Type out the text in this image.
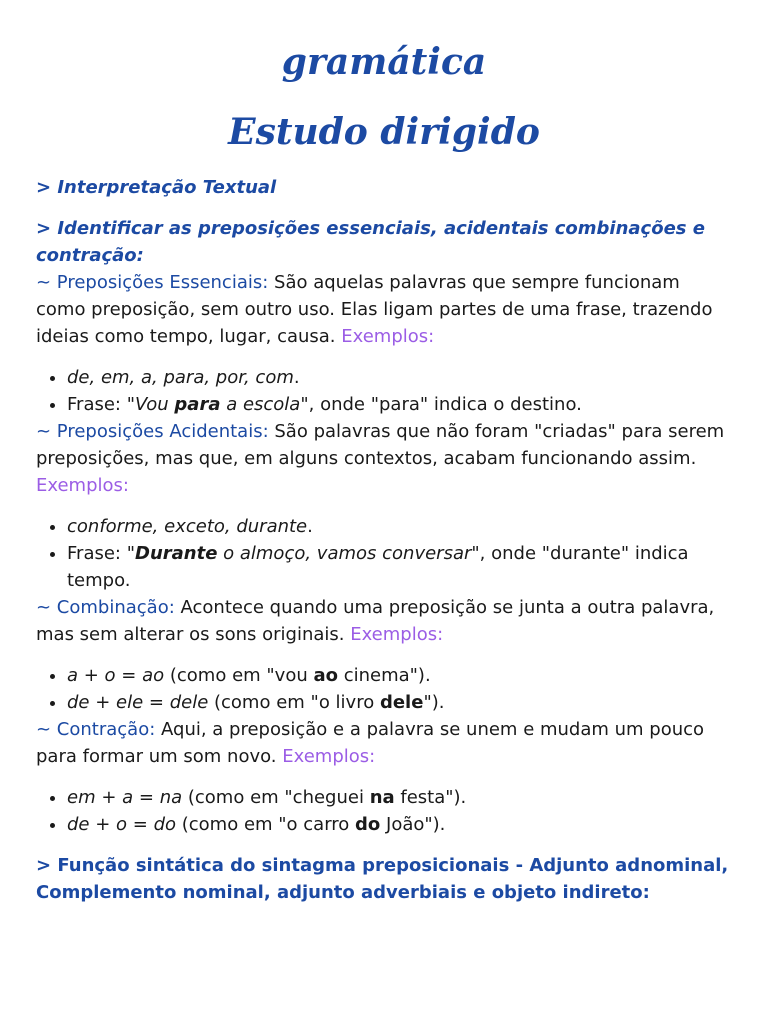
gramática
Estudo dirigido

> Interpretação Textual

> Identificar as preposições essenciais, acidentais combinações e contração:

~ Preposições Essenciais: São aquelas palavras que sempre funcionam como preposição, sem outro uso. Elas ligam partes de uma frase, trazendo ideias como tempo, lugar, causa. Exemplos:

• de, em, a, para, por, com.
• Frase: "Vou para a escola", onde "para" indica o destino.

~ Preposições Acidentais: São palavras que não foram "criadas" para serem preposições, mas que, em alguns contextos, acabam funcionando assim. Exemplos:

• conforme, exceto, durante.
• Frase: "Durante o almoço, vamos conversar", onde "durante" indica tempo.

~ Combinação: Acontece quando uma preposição se junta a outra palavra, mas sem alterar os sons originais. Exemplos:

• a + o = ao (como em "vou ao cinema").
• de + ele = dele (como em "o livro dele").

~ Contração: Aqui, a preposição e a palavra se unem e mudam um pouco para formar um som novo. Exemplos:

• em + a = na (como em "cheguei na festa").
• de + o = do (como em "o carro do João").

> Função sintática do sintagma preposicionais - Adjunto adnominal, Complemento nominal, adjunto adverbiais e objeto indireto:
